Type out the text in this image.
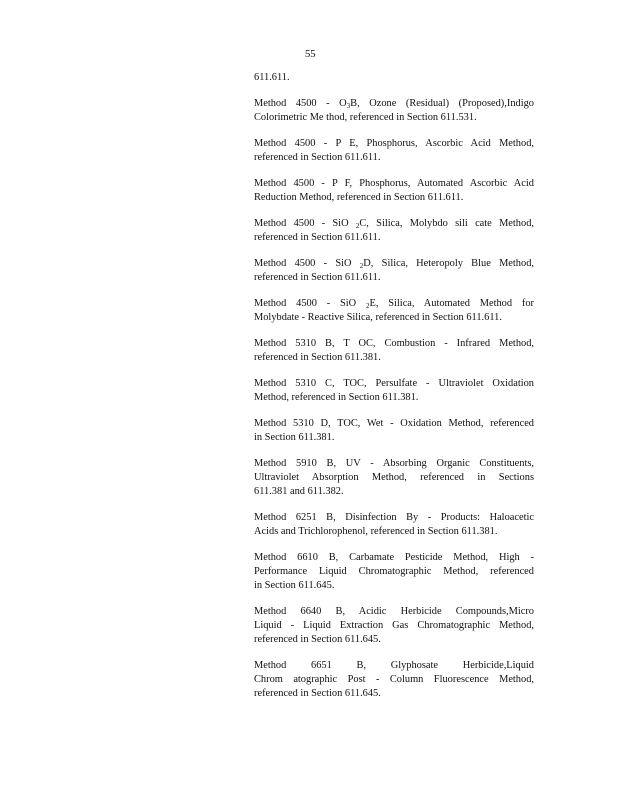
55
611.611.
Method $4500 - O_3B$, Ozone (Residual) (Proposed),Indigo
Colorimetric Me thod, referenced in Section 611.531.
Method 4500 - P E, Phosphorus, Ascorbic Acid Method,
referenced in Section 611.611.
Method 4500 - P F, Phosphorus, Automated Ascorbic Acid
Reduction Method, referenced in Section 611.611.
Method 4500 - SiO $_2$C, Silica, Molybdo sili cate Method,
referenced in Section 611.611.
Method 4500 - SiO $_2$D, Silica, Heteropoly Blue Method,
referenced in Section 611.611.
Method 4500 - SiO $_2$E, Silica, Automated Method for
Molybdate - Reactive Silica, referenced in Section 611.611.
Method 5310 B, T OC, Combustion - Infrared Method,
referenced in Section 611.381.
Method 5310 C, TOC, Persulfate - Ultraviolet Oxidation
Method, referenced in Section 611.381.
Method 5310 D, TOC, Wet - Oxidation Method, referenced
in Section 611.381.
Method 5910 B, UV - Absorbing Organic Constituents,
Ultraviolet Absorption Method, referenced in Sections
611.381 and 611.382.
Method 6251 B, Disinfection By - Products: Haloacetic
Acids and Trichlorophenol, referenced in Section 611.381.
Method 6610 B, Carbamate Pesticide Method, High -
Performance Liquid Chromatographic Method, referenced
in Section 611.645.
Method 6640 B, Acidic Herbicide Compounds,Micro
Liquid - Liquid Extraction Gas Chromatographic Method,
referenced in Section 611.645.
Method 6651 B, Glyphosate Herbicide,Liquid
Chrom atographic Post - Column Fluorescence Method,
referenced in Section 611.645.
